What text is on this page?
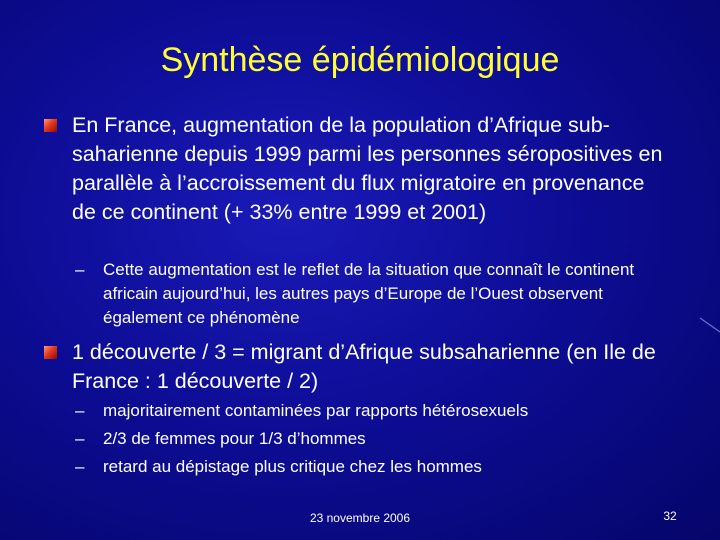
Synthèse épidémiologique
En France, augmentation de la population d’Afrique sub-saharienne depuis 1999 parmi les personnes séropositives en parallèle à l’accroissement du flux migratoire en provenance de ce continent (+ 33% entre 1999 et 2001)
– Cette augmentation est le reflet de la situation que connaît le continent africain aujourd’hui, les autres pays d’Europe de l’Ouest observent également ce phénomène
1 découverte / 3 = migrant d’Afrique subsaharienne (en Ile de France : 1 découverte / 2)
– majoritairement contaminées par rapports hétérosexuels
– 2/3 de femmes pour 1/3 d’hommes
– retard au dépistage plus critique chez les hommes
23 novembre 2006	32
